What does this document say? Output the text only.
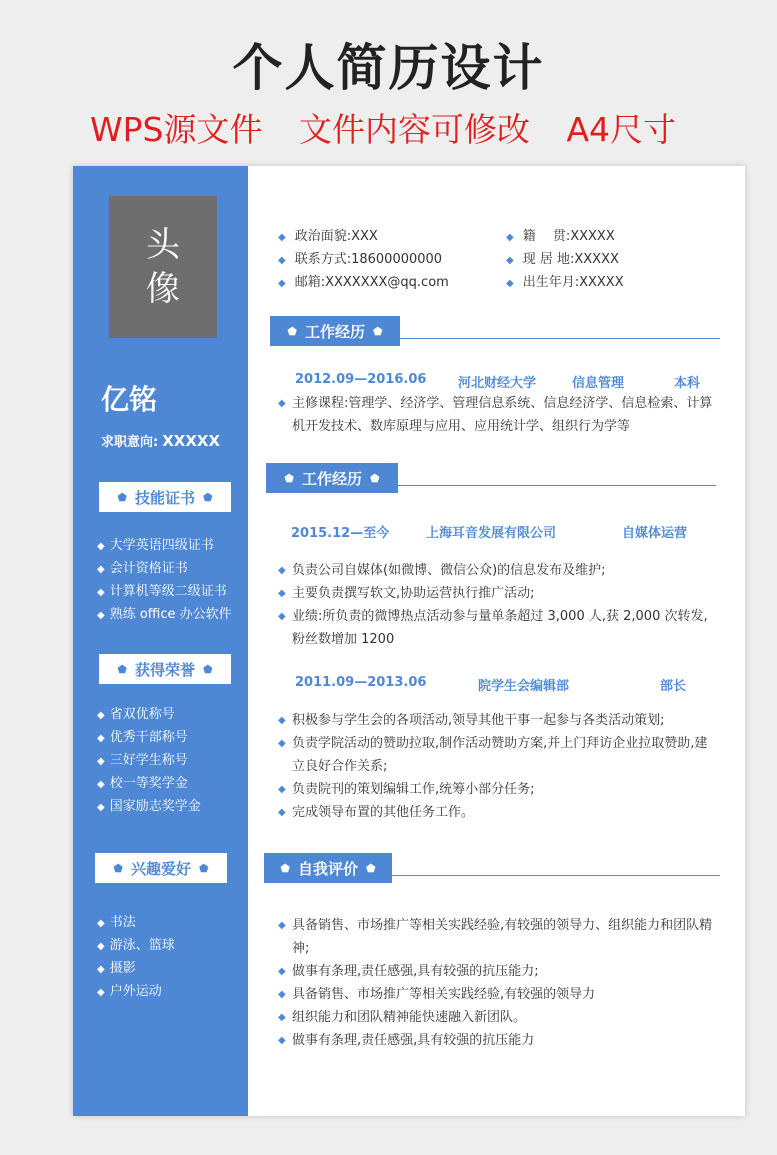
个人简历设计
WPS源文件 文件内容可修改 A4尺寸
头
像
亿铭
求职意向: XXXXX
⬟ 技能证书 ⬟
◆ 大学英语四级证书
◆ 会计资格证书
◆ 计算机等级二级证书
◆ 熟练 office 办公软件
⬟ 获得荣誉 ⬟
◆ 省双优称号
◆ 优秀干部称号
◆ 三好学生称号
◆ 校一等奖学金
◆ 国家励志奖学金
⬟ 兴趣爱好 ⬟
◆ 书法
◆ 游泳、篮球
◆ 摄影
◆ 户外运动
◆ 政治面貌:XXX
◆ 联系方式:18600000000
◆ 邮箱:XXXXXXX@qq.com
◆ 籍　 贯:XXXXX
◆ 现 居 地:XXXXX
◆ 出生年月:XXXXX
⬟ 工作经历 ⬟
2012.09—2016.06 河北财经大学	信息管理	本科
◆ 主修课程:管理学、经济学、管理信息系统、信息经济学、信息检索、计算机开发技术、数库原理与应用、应用统计学、组织行为学等
⬟ 工作经历 ⬟
2015.12—至今	上海耳音发展有限公司	自媒体运营
◆ 负责公司自媒体(如微博、微信公众)的信息发布及维护;
◆ 主要负责撰写软文,协助运营执行推广活动;
◆ 业绩:所负责的微博热点活动参与量单条超过 3,000 人,获 2,000 次转发,粉丝数增加 1200
2011.09—2013.06	院学生会编辑部	部长
◆ 积极参与学生会的各项活动,领导其他干事一起参与各类活动策划;
◆ 负责学院活动的赞助拉取,制作活动赞助方案,并上门拜访企业拉取赞助,建立良好合作关系;
◆ 负责院刊的策划编辑工作,统筹小部分任务;
◆ 完成领导布置的其他任务工作。
⬟ 自我评价 ⬟
◆ 具备销售、市场推广等相关实践经验,有较强的领导力、组织能力和团队精神;
◆ 做事有条理,责任感强,具有较强的抗压能力;
◆ 具备销售、市场推广等相关实践经验,有较强的领导力
◆ 组织能力和团队精神能快速融入新团队。
◆ 做事有条理,责任感强,具有较强的抗压能力
